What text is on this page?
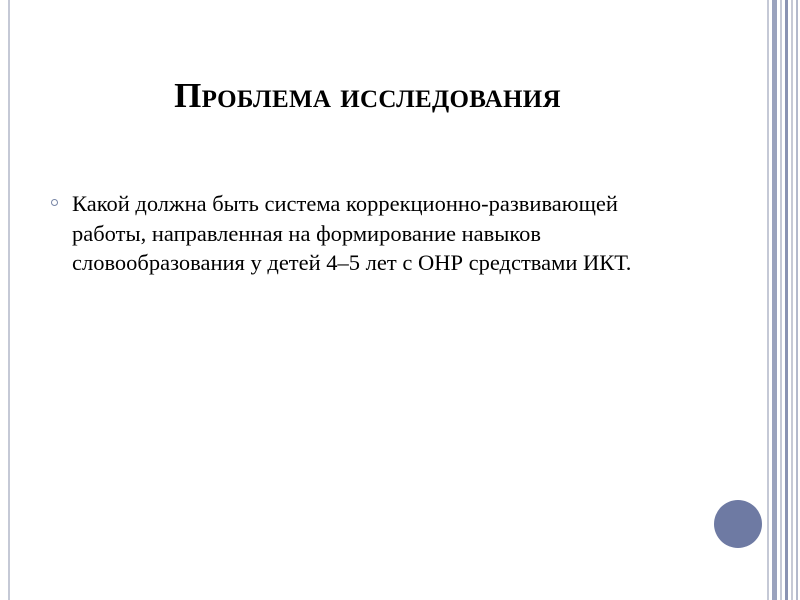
Проблема исследования
Какой должна быть система коррекционно-развивающей работы, направленная на формирование навыков словообразования у детей 4–5 лет с ОНР средствами ИКТ.
